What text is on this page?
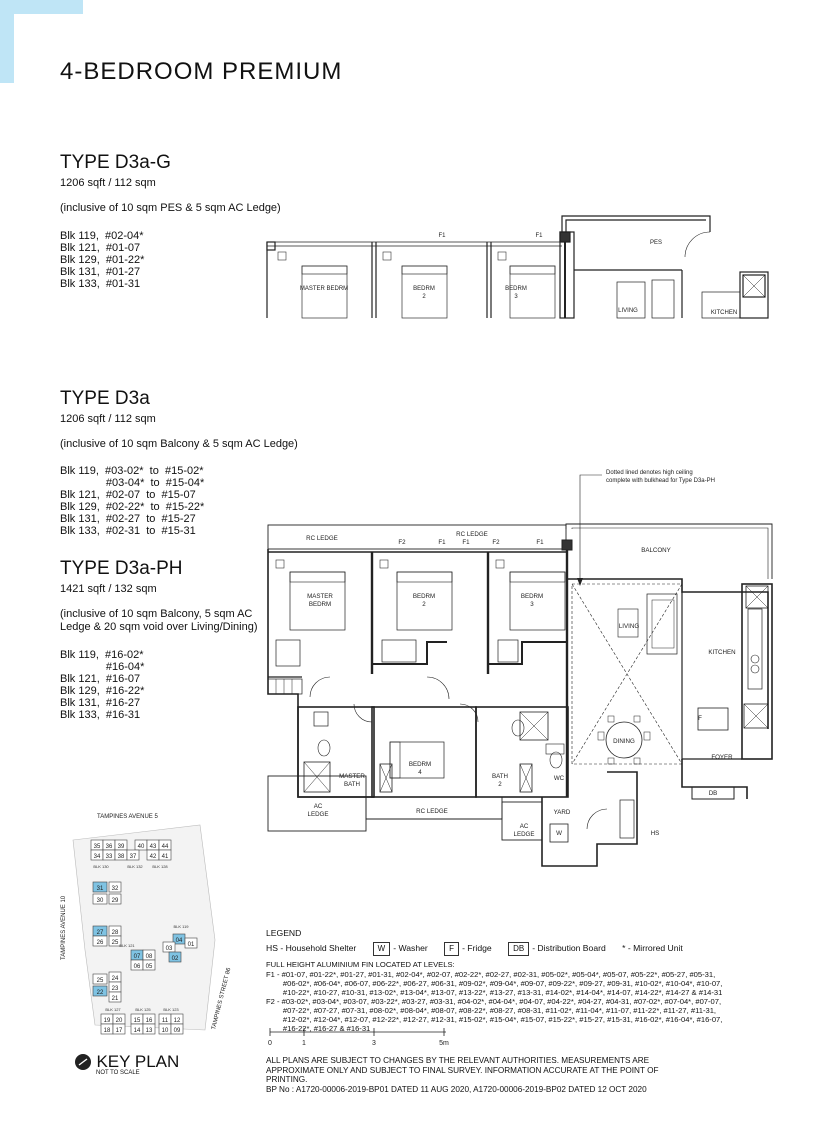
4-BEDROOM PREMIUM
TYPE D3a-G
1206 sqft / 112 sqm
(inclusive of 10 sqm PES & 5 sqm AC Ledge)
Blk 119,  #02-04*
Blk 121,  #01-07
Blk 129,  #01-22*
Blk 131,  #01-27
Blk 133,  #01-31
TYPE D3a
1206 sqft / 112 sqm
(inclusive of 10 sqm Balcony & 5 sqm AC Ledge)
Blk 119,  #03-02*  to  #15-02*
#03-04*  to  #15-04*
Blk 121,  #02-07  to  #15-07
Blk 129,  #02-22*  to  #15-22*
Blk 131,  #02-27  to  #15-27
Blk 133,  #02-31  to  #15-31
TYPE D3a-PH
1421 sqft / 132 sqm
(inclusive of 10 sqm Balcony, 5 sqm AC Ledge & 20 sqm void over Living/Dining)
Blk 119,  #16-02*
#16-04*
Blk 121,  #16-07
Blk 129,  #16-22*
Blk 131,  #16-27
Blk 133,  #16-31
MASTER BEDRM	BEDRM
2
BEDRM
3
LIVING	KITCHEN
PES
F1	F1
Dotted lined denotes high ceiling
complete with bulkhead for Type D3a-PH
RC LEDGE
RC LEDGE
RC LEDGE
BALCONY
MASTER
BEDRM
BEDRM
2
BEDRM
3
BEDRM
4
LIVING
KITCHEN
DINING
FOYER
DB
MASTER
BATH
BATH
2
WC
YARD
AC
LEDGE
AC
LEDGE	HS
W
F
F2	F1	F1	F2	F1
TAMPINES AVENUE 5
TAMPINES AVENUE 10
TAMPINES STREET 86
35 36 39 40 43 44
34 33 38 37 42 41
31 32
30 29
27 28
26 25	04
01
03
02
07 08
06 05
25 24
23
22
21
19 20 15 16 11 12
18 17 14 13 10 09
BLK 130	BLK 132 BLK 128
BLK 121
BLK 119
BLK 127	BLK 125	BLK 123
KEY PLAN
NOT TO SCALE
LEGEND
HS - Household Shelter	W - Washer	F - Fridge	DB - Distribution Board * - Mirrored Unit
FULL HEIGHT ALUMINIUM FIN LOCATED AT LEVELS:
F1 - #01-07, #01-22*, #01-27, #01-31, #02-04*, #02-07, #02-22*, #02-27, #02-31, #05-02*, #05-04*, #05-07, #05-22*, #05-27, #05-31,
#06-02*, #06-04*, #06-07, #06-22*, #06-27, #06-31, #09-02*, #09-04*, #09-07, #09-22*, #09-27, #09-31, #10-02*, #10-04*, #10-07,
#10-22*, #10-27, #10-31, #13-02*, #13-04*, #13-07, #13-22*, #13-27, #13-31, #14-02*, #14-04*, #14-07, #14-22*, #14-27 & #14-31
F2 - #03-02*, #03-04*, #03-07, #03-22*, #03-27, #03-31, #04-02*, #04-04*, #04-07, #04-22*, #04-27, #04-31, #07-02*, #07-04*, #07-07,
#07-22*, #07-27, #07-31, #08-02*, #08-04*, #08-07, #08-22*, #08-27, #08-31, #11-02*, #11-04*, #11-07, #11-22*, #11-27, #11-31,
#12-02*, #12-04*, #12-07, #12-22*, #12-27, #12-31, #15-02*, #15-04*, #15-07, #15-22*, #15-27, #15-31, #16-02*, #16-04*, #16-07,
#16-22*, #16-27 & #16-31
0	1	3	5m
ALL PLANS ARE SUBJECT TO CHANGES BY THE RELEVANT AUTHORITIES. MEASUREMENTS ARE APPROXIMATE ONLY AND SUBJECT TO FINAL SURVEY. INFORMATION ACCURATE AT THE POINT OF PRINTING.
BP No : A1720-00006-2019-BP01 DATED 11 AUG 2020, A1720-00006-2019-BP02 DATED 12 OCT 2020
